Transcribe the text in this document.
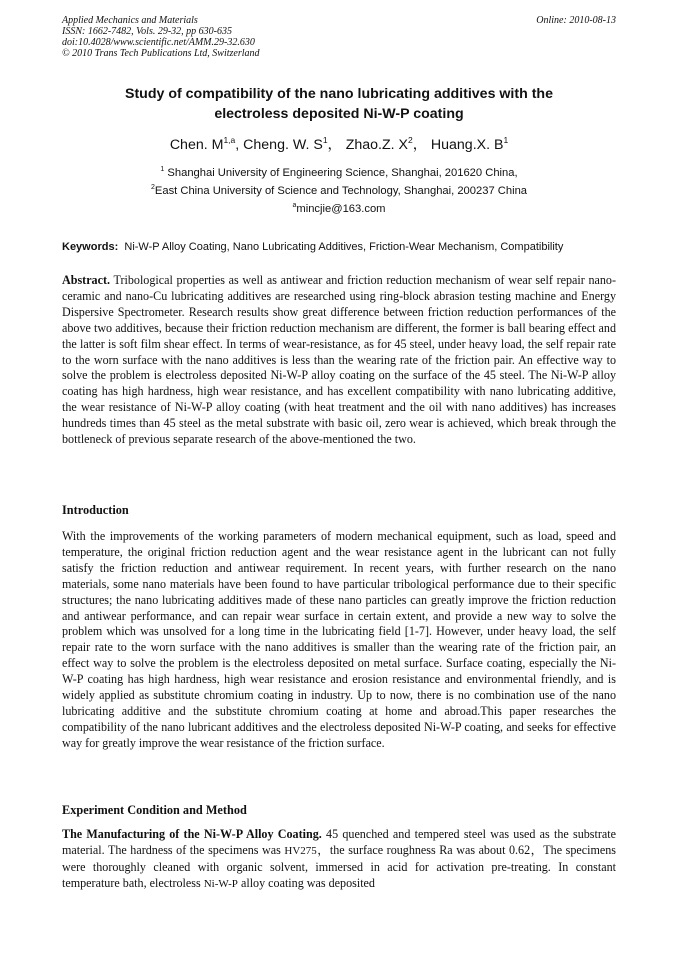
Applied Mechanics and Materials
ISSN: 1662-7482, Vols. 29-32, pp 630-635
doi:10.4028/www.scientific.net/AMM.29-32.630
© 2010 Trans Tech Publications Ltd, Switzerland
Online: 2010-08-13
Study of compatibility of the nano lubricating additives with the
electroless deposited Ni-W-P coating
Chen. M$^{1,a}$, Cheng. W. $S^1$， Zhao.Z. $X^2$， Huang.X. $B^1$
$^1$ Shanghai University of Engineering Science, Shanghai, 201620 China,
$^2$East China University of Science and Technology, Shanghai, 200237 China
$^a$mincjie@163.com
Keywords: Ni-W-P Alloy Coating, Nano Lubricating Additives, Friction-Wear Mechanism, Compatibility
Abstract. Tribological properties as well as antiwear and friction reduction mechanism of wear self repair nano-ceramic and nano-Cu lubricating additives are researched using ring-block abrasion testing machine and Energy Dispersive Spectrometer. Research results show great difference between friction reduction performances of the above two additives, because their friction reduction mechanism are different, the former is ball bearing effect and the latter is soft film shear effect. In terms of wear-resistance, as for 45 steel, under heavy load, the self repair rate to the worn surface with the nano additives is less than the wearing rate of the friction pair. An effective way to solve the problem is electroless deposited Ni-W-P alloy coating on the surface of the 45 steel. The Ni-W-P alloy coating has high hardness, high wear resistance, and has excellent compatibility with nano lubricating additive, the wear resistance of Ni-W-P alloy coating (with heat treatment and the oil with nano additives) has increases hundreds times than 45 steel as the metal substrate with basic oil, zero wear is achieved, which break through the bottleneck of previous separate research of the above-mentioned the two.
Introduction
With the improvements of the working parameters of modern mechanical equipment, such as load, speed and temperature, the original friction reduction agent and the wear resistance agent in the lubricant can not fully satisfy the friction reduction and antiwear requirement. In recent years, with further research on the nano materials, some nano materials have been found to have particular tribological performance due to their specific structures; the nano lubricating additives made of these nano particles can greatly improve the friction reduction and antiwear performance, and can repair wear surface in certain extent, and provide a new way to solve the problem which was unsolved for a long time in the lubricating field [1-7]. However, under heavy load, the self repair rate to the worn surface with the nano additives is smaller than the wearing rate of the friction pair, an effect way to solve the problem is the electroless deposited on metal surface. Surface coating, especially the Ni-W-P coating has high hardness, high wear resistance and erosion resistance and environmental friendly, and is widely applied as substitute chromium coating in industry. Up to now, there is no combination use of the nano lubricating additive and the substitute chromium coating at home and abroad.This paper researches the compatibility of the nano lubricant additives and the electroless deposited Ni-W-P coating, and seeks for effective way for greatly improve the wear resistance of the friction surface.
Experiment Condition and Method
The Manufacturing of the Ni-W-P Alloy Coating. 45 quenched and tempered steel was used as the substrate material. The hardness of the specimens was HV275，the surface roughness Ra was about 0.62，The specimens were thoroughly cleaned with organic solvent, immersed in acid for activation pre-treating. In constant temperature bath, electroless Ni-W-P alloy coating was deposited
